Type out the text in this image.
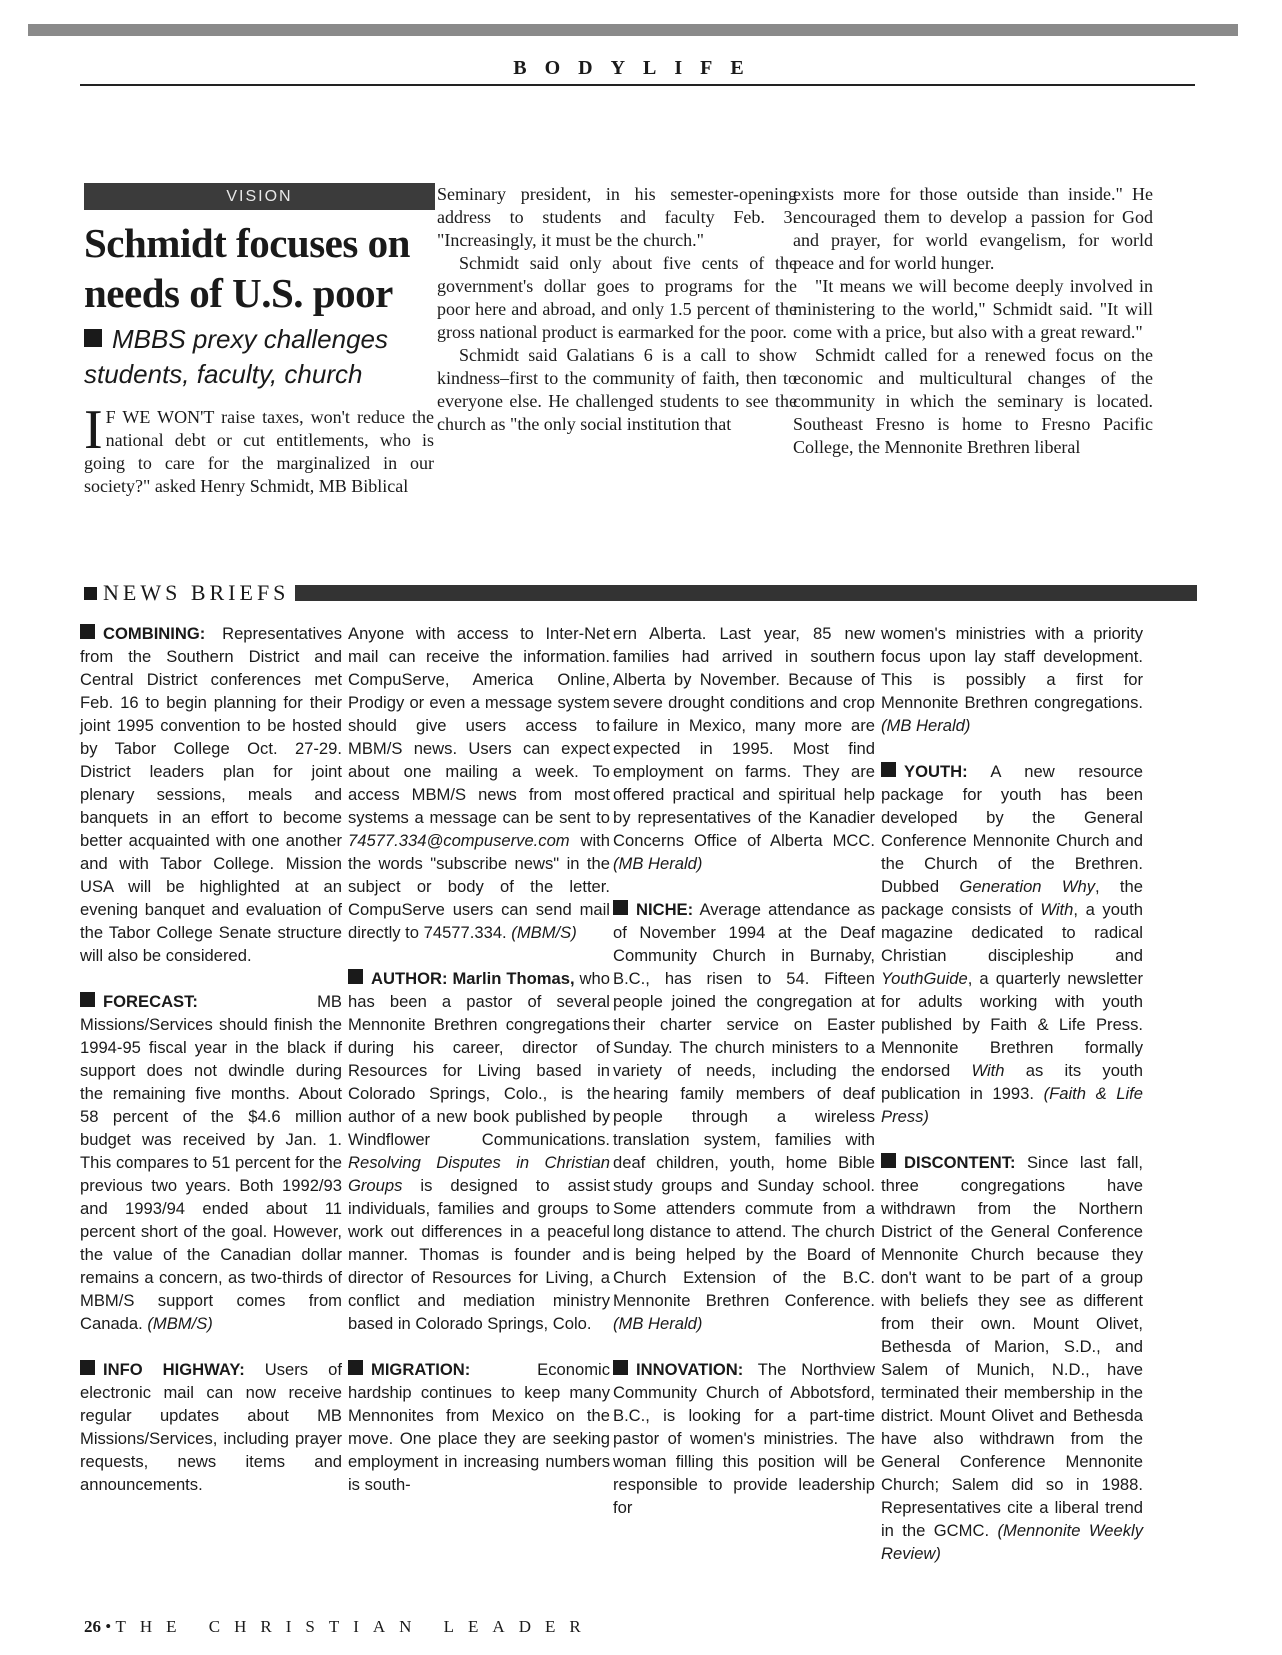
BODYLIFE
VISION
Schmidt focuses on needs of U.S. poor
MBBS prexy challenges students, faculty, church
I F WE WON'T raise taxes, won't reduce the national debt or cut entitlements, who is going to care for the marginalized in our society?" asked Henry Schmidt, MB Biblical

Seminary president, in his semester-opening address to students and faculty Feb. 3. "Increasingly, it must be the church."

Schmidt said only about five cents of the government's dollar goes to programs for the poor here and abroad, and only 1.5 percent of the gross national product is earmarked for the poor.

Schmidt said Galatians 6 is a call to show kindness–first to the community of faith, then to everyone else. He challenged students to see the church as "the only social institution that

exists more for those outside than inside." He encouraged them to develop a passion for God and prayer, for world evangelism, for world peace and for world hunger.

"It means we will become deeply involved in ministering to the world," Schmidt said. "It will come with a price, but also with a great reward."

Schmidt called for a renewed focus on the economic and multicultural changes of the community in which the seminary is located. Southeast Fresno is home to Fresno Pacific College, the Mennonite Brethren liberal

NEWS BRIEFS

COMBINING: Representatives from the Southern District and Central District conferences met Feb. 16 to begin planning for their joint 1995 convention to be hosted by Tabor College Oct. 27-29. District leaders plan for joint plenary sessions, meals and banquets in an effort to become better acquainted with one another and with Tabor College. Mission USA will be highlighted at an evening banquet and evaluation of the Tabor College Senate structure will also be considered.

FORECAST: MB Missions/Services should finish the 1994-95 fiscal year in the black if support does not dwindle during the remaining five months. About 58 percent of the $4.6 million budget was received by Jan. 1. This compares to 51 percent for the previous two years. Both 1992/93 and 1993/94 ended about 11 percent short of the goal. However, the value of the Canadian dollar remains a concern, as two-thirds of MBM/S support comes from Canada. (MBM/S)

INFO HIGHWAY: Users of electronic mail can now receive regular updates about MB Missions/Services, including prayer requests, news items and announcements.

Anyone with access to Inter-Net mail can receive the information. CompuServe, America Online, Prodigy or even a message system should give users access to MBM/S news. Users can expect about one mailing a week. To access MBM/S news from most systems a message can be sent to 74577.334@compuserve.com with the words "subscribe news" in the subject or body of the letter. CompuServe users can send mail directly to 74577.334. (MBM/S)

AUTHOR: Marlin Thomas, who has been a pastor of several Mennonite Brethren congregations during his career, director of Resources for Living based in Colorado Springs, Colo., is the author of a new book published by Windflower Communications. Resolving Disputes in Christian Groups is designed to assist individuals, families and groups to work out differences in a peaceful manner. Thomas is founder and director of Resources for Living, a conflict and mediation ministry based in Colorado Springs, Colo.

MIGRATION: Economic hardship continues to keep many Mennonites from Mexico on the move. One place they are seeking employment in increasing numbers is south-

ern Alberta. Last year, 85 new families had arrived in southern Alberta by November. Because of severe drought conditions and crop failure in Mexico, many more are expected in 1995. Most find employment on farms. They are offered practical and spiritual help by representatives of the Kanadier Concerns Office of Alberta MCC. (MB Herald)

NICHE: Average attendance as of November 1994 at the Deaf Community Church in Burnaby, B.C., has risen to 54. Fifteen people joined the congregation at their charter service on Easter Sunday. The church ministers to a variety of needs, including the hearing family members of deaf people through a wireless translation system, families with deaf children, youth, home Bible study groups and Sunday school. Some attenders commute from a long distance to attend. The church is being helped by the Board of Church Extension of the B.C. Mennonite Brethren Conference. (MB Herald)

INNOVATION: The Northview Community Church of Abbotsford, B.C., is looking for a part-time pastor of women's ministries. The woman filling this position will be responsible to provide leadership for

women's ministries with a priority focus upon lay staff development. This is possibly a first for Mennonite Brethren congregations. (MB Herald)

YOUTH: A new resource package for youth has been developed by the General Conference Mennonite Church and the Church of the Brethren. Dubbed Generation Why, the package consists of With, a youth magazine dedicated to radical Christian discipleship and YouthGuide, a quarterly newsletter for adults working with youth published by Faith & Life Press. Mennonite Brethren formally endorsed With as its youth publication in 1993. (Faith & Life Press)

DISCONTENT: Since last fall, three congregations have withdrawn from the Northern District of the General Conference Mennonite Church because they don't want to be part of a group with beliefs they see as different from their own. Mount Olivet, Bethesda of Marion, S.D., and Salem of Munich, N.D., have terminated their membership in the district. Mount Olivet and Bethesda have also withdrawn from the General Conference Mennonite Church; Salem did so in 1988. Representatives cite a liberal trend in the GCMC. (Mennonite Weekly Review)

26 • THE CHRISTIAN LEADER
